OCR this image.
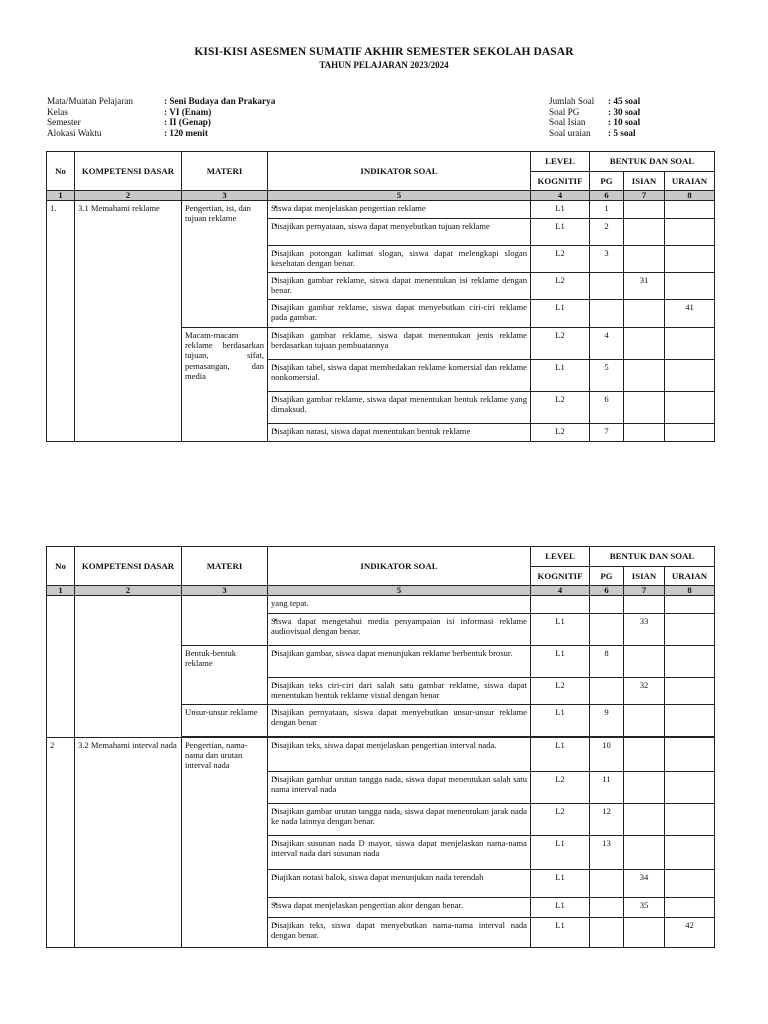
KISI-KISI ASESMEN SUMATIF AKHIR SEMESTER SEKOLAH DASAR
TAHUN PELAJARAN 2023/2024
Mata/Muatan Pelajaran	: Seni Budaya dan Prakarya
Kelas	: VI (Enam)
Semester	: II (Genap)
Alokasi Waktu	: 120 menit
Jumlah Soal	: 45 soal
Soal PG	: 30 soal
Soal Isian	: 10 soal
Soal uraian	: 5 soal
No	KOMPETENSI DASAR	MATERI	INDIKATOR SOAL	LEVEL	BENTUK DAN SOAL		
				KOGNITIF	PG	ISIAN	URAIAN
1	2	3	5	4	6	7	8
1.	3.1 Memahami reklame	Pengertian, isi, dan tujuan reklame	• Siswa dapat menjelaskan pengertian reklame	L1	1		
			• Disajikan pernyataan, siswa dapat menyebutkan tujuan reklame	L1	2		
			• Disajikan potongan kalimat slogan, siswa dapat melengkapi slogan kesehatan dengan benar.	L2	3		
			• Disajikan gambar reklame, siswa dapat menentukan isi reklame dengan benar.	L2		31	
			• Disajikan gambar reklame, siswa dapat menyebutkan ciri-ciri reklame pada gambar.	L1			41
		Macam-macam reklame berdasarkan tujuan, sifat, pemasangan, dan media	• Disajikan gambar reklame, siswa dapat menentukan jenis reklame berdasarkan tujuan pembuatannya	L2	4		
			• Disajikan tabel, siswa dapat membedakan reklame komersial dan reklame nonkomersial.	L1	5		
			• Disajikan gambar reklame, siswa dapat menentukan bentuk reklame yang dimaksud.	L2	6		
			• Disajikan narasi, siswa dapat menentukan bentuk reklame	L2	7		
No	KOMPETENSI DASAR	MATERI	INDIKATOR SOAL	LEVEL	BENTUK DAN SOAL		
				KOGNITIF	PG	ISIAN	URAIAN
1	2	3	5	4	6	7	8
			yang tepat.				
			• Siswa dapat mengetahui media penyampaian isi informasi reklame audiovisual dengan benar.	L1		33	
		Bentuk-bentuk reklame	• Disajikan gambar, siswa dapat menunjukan reklame berbentuk brosur.	L1	8		
			• Disajikan teks ciri-ciri dari salah satu gambar reklame, siswa dapat menentukan bentuk reklame visual dengan benar	L2		32	
		Unsur-unsur reklame	• Disajikan pernyataan, siswa dapat menyebutkan unsur-unsur reklame dengan benar	L1	9		

2	3.2 Memahami interval nada	Pengertian, nama-nama dan urutan interval nada	• Disajikan teks, siswa dapat menjelaskan pengertian interval nada.	L1	10		
			• Disajikan gambar urutan tangga nada, siswa dapat menentukan salah satu nama interval nada	L2	11		
			• Disajikan gambar urutan tangga nada, siswa dapat menentukan jarak nada ke nada lainnya dengan benar.	L2	12		
			• Disajikan susunan nada D mayor, siswa dapat menjelaskan nama-nama interval nada dari susunan nada	L1	13		
			• Diajikan notasi balok, siswa dapat menunjukan nada terendah	L1		34	
			• Siswa dapat menjelaskan pengertian akor dengan benar.	L1		35	
			• Disajikan teks, siswa dapat menyebutkan nama-nama interval nada dengan benar.	L1			42
